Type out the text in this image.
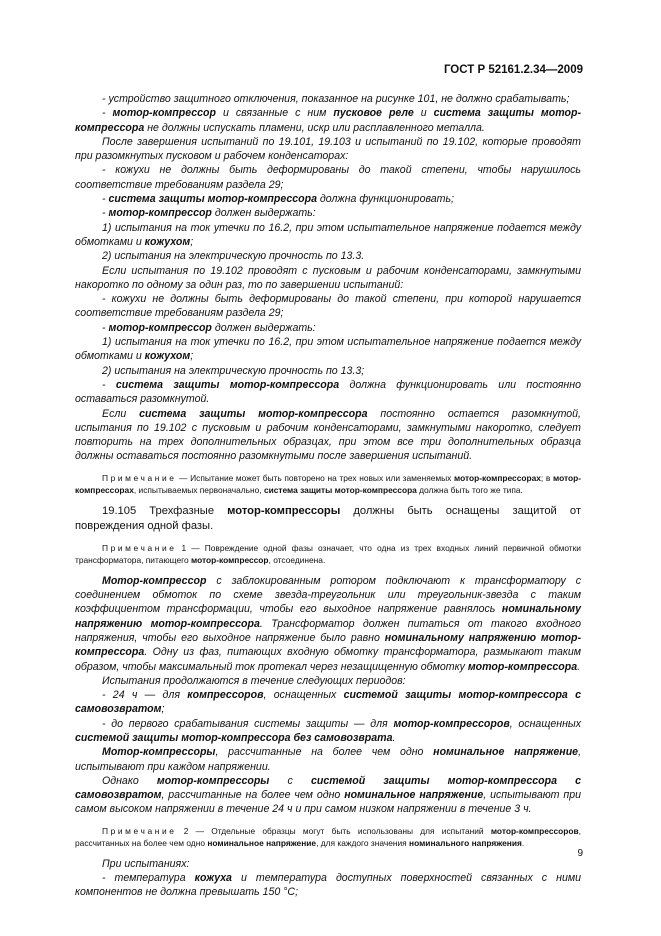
ГОСТ Р 52161.2.34—2009

- устройство защитного отключения, показанное на рисунке 101, не должно срабатывать;

- мотор-компрессор и связанные с ним пусковое реле и система защиты мотор-компрессора не должны испускать пламени, искр или расплавленного металла.

После завершения испытаний по 19.101, 19.103 и испытаний по 19.102, которые проводят при разомкнутых пусковом и рабочем конденсаторах:

- кожухи не должны быть деформированы до такой степени, чтобы нарушилось соответствие требованиям раздела 29;

- система защиты мотор-компрессора должна функционировать;

- мотор-компрессор должен выдержать:

1) испытания на ток утечки по 16.2, при этом испытательное напряжение подается между обмотками и кожухом;

2) испытания на электрическую прочность по 13.3.

Если испытания по 19.102 проводят с пусковым и рабочим конденсаторами, замкнутыми накоротко по одному за один раз, то по завершении испытаний:

- кожухи не должны быть деформированы до такой степени, при которой нарушается соответствие требованиям раздела 29;

- мотор-компрессор должен выдержать:

1) испытания на ток утечки по 16.2, при этом испытательное напряжение подается между обмотками и кожухом;

2) испытания на электрическую прочность по 13.3;

- система защиты мотор-компрессора должна функционировать или постоянно оставаться разомкнутой.

Если система защиты мотор-компрессора постоянно остается разомкнутой, испытания по 19.102 с пусковым и рабочим конденсаторами, замкнутыми накоротко, следует повторить на трех дополнительных образцах, при этом все три дополнительных образца должны оставаться постоянно разомкнутыми после завершения испытаний.

Примечание — Испытание может быть повторено на трех новых или заменяемых мотор-компрессорах; в мотор-компрессорах, испытываемых первоначально, система защиты мотор-компрессора должна быть того же типа.

19.105 Трехфазные мотор-компрессоры должны быть оснащены защитой от повреждения одной фазы.

Примечание 1 — Повреждение одной фазы означает, что одна из трех входных линий первичной обмотки трансформатора, питающего мотор-компрессор, отсоединена.

Мотор-компрессор с заблокированным ротором подключают к трансформатору с соединением обмоток по схеме звезда-треугольник или треугольник-звезда с таким коэффициентом трансформации, чтобы его выходное напряжение равнялось номинальному напряжению мотор-компрессора. Трансформатор должен питаться от такого входного напряжения, чтобы его выходное напряжение было равно номинальному напряжению мотор-компрессора. Одну из фаз, питающих входную обмотку трансформатора, размыкают таким образом, чтобы максимальный ток протекал через незащищенную обмотку мотор-компрессора.

Испытания продолжаются в течение следующих периодов:

- 24 ч — для компрессоров, оснащенных системой защиты мотор-компрессора с самовозвратом;

- до первого срабатывания системы защиты — для мотор-компрессоров, оснащенных системой защиты мотор-компрессора без самовозврата.

Мотор-компрессоры, рассчитанные на более чем одно номинальное напряжение, испытывают при каждом напряжении.

Однако мотор-компрессоры с системой защиты мотор-компрессора с самовозвратом, рассчитанные на более чем одно номинальное напряжение, испытывают при самом высоком напряжении в течение 24 ч и при самом низком напряжении в течение 3 ч.

Примечание 2 — Отдельные образцы могут быть использованы для испытаний мотор-компрессоров, рассчитанных на более чем одно номинальное напряжение, для каждого значения номинального напряжения.

При испытаниях:

- температура кожуха и температура доступных поверхностей связанных с ними компонентов не должна превышать 150 °С;

9
